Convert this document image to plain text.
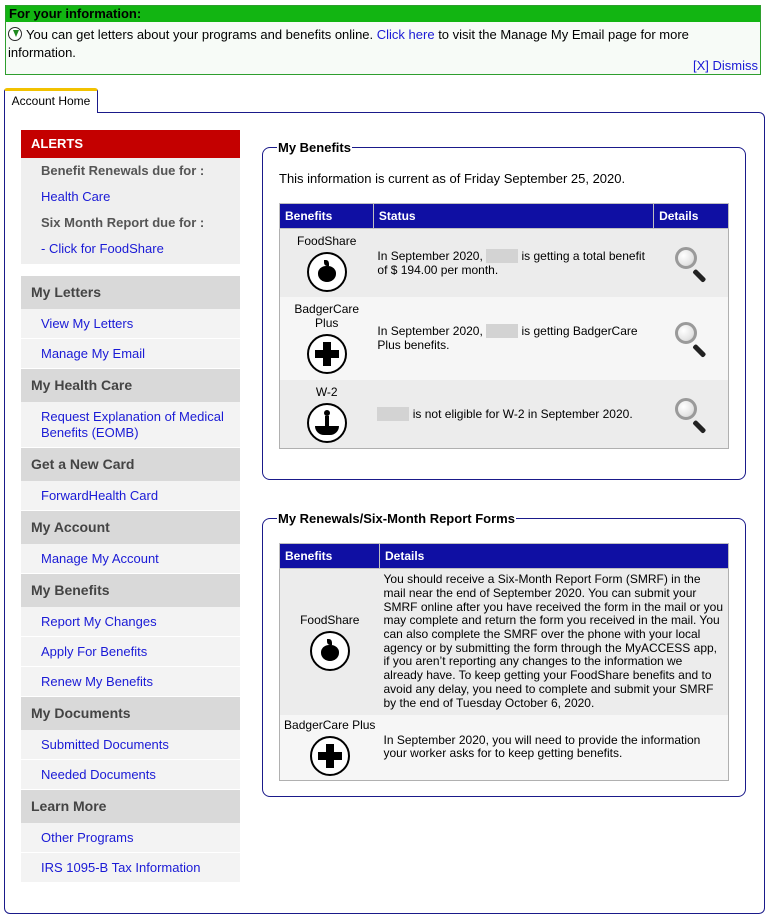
For your information:
You can get letters about your programs and benefits online. Click here to visit the Manage My Email page for more information.
[X] Dismiss
Account Home
ALERTS
Benefit Renewals due for :
Health Care
Six Month Report due for :
- Click for FoodShare
My Letters
View My Letters
Manage My Email
My Health Care
Request Explanation of Medical Benefits (EOMB)
Get a New Card
ForwardHealth Card
My Account
Manage My Account
My Benefits
Report My Changes
Apply For Benefits
Renew My Benefits
My Documents
Submitted Documents
Needed Documents
Learn More
Other Programs
IRS 1095-B Tax Information
My Benefits
This information is current as of Friday September 25, 2020.
Benefits	Status	Details

FoodShare	In September 2020, is getting a total benefit of $ 194.00 per month.	

BadgerCare Plus	In September 2020, is getting BadgerCare Plus benefits.	

W-2	is not eligible for W-2 in September 2020.	
My Renewals/Six-Month Report Forms
Benefits	Details

FoodShare	You should receive a Six-Month Report Form (SMRF) in the mail near the end of September 2020. You can submit your SMRF online after you have received the form in the mail or you may complete and return the form you received in the mail. You can also complete the SMRF over the phone with your local agency or by submitting the form through the MyACCESS app, if you aren’t reporting any changes to the information we already have. To keep getting your FoodShare benefits and to avoid any delay, you need to complete and submit your SMRF by the end of Tuesday October 6, 2020.

BadgerCare Plus	In September 2020, you will need to provide the information your worker asks for to keep getting benefits.
